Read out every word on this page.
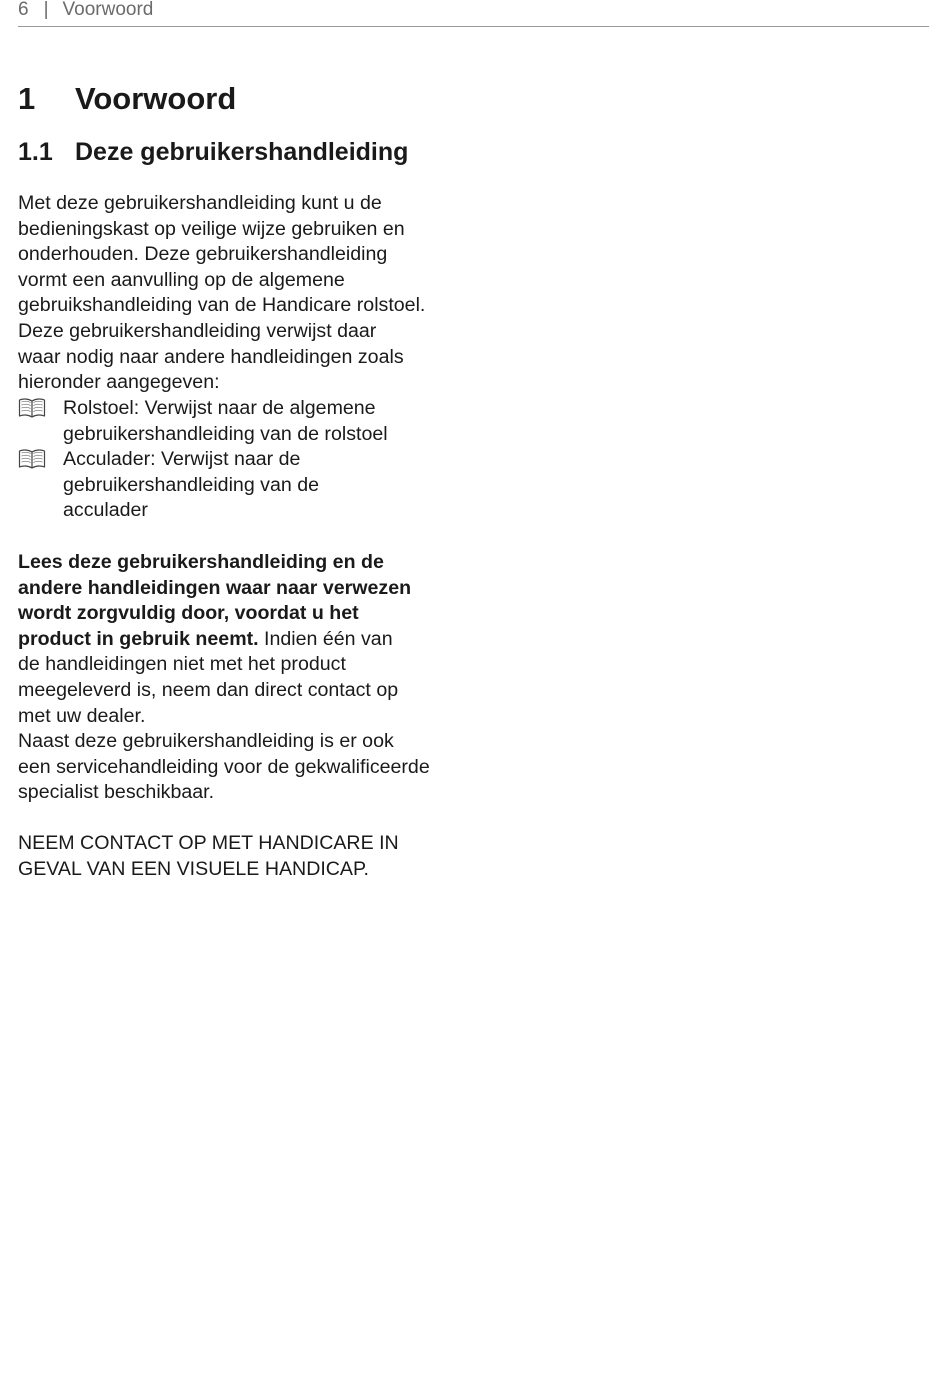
6 | Voorwoord
1 Voorwoord
1.1 Deze gebruikershandleiding

Met deze gebruikershandleiding kunt u de
bedieningskast op veilige wijze gebruiken en
onderhouden. Deze gebruikershandleiding
vormt een aanvulling op de algemene
gebruikshandleiding van de Handicare rolstoel.
Deze gebruikershandleiding verwijst daar
waar nodig naar andere handleidingen zoals
hieronder aangegeven:

Rolstoel: Verwijst naar de algemene
gebruikershandleiding van de rolstoel
Acculader: Verwijst naar de
gebruikershandleiding van de
acculader

Lees deze gebruikershandleiding en de
andere handleidingen waar naar verwezen
wordt zorgvuldig door, voordat u het
product in gebruik neemt. Indien één van
de handleidingen niet met het product
meegeleverd is, neem dan direct contact op
met uw dealer.
Naast deze gebruikershandleiding is er ook
een servicehandleiding voor de gekwalificeerde
specialist beschikbaar.

NEEM CONTACT OP MET HANDICARE IN
GEVAL VAN EEN VISUELE HANDICAP.
